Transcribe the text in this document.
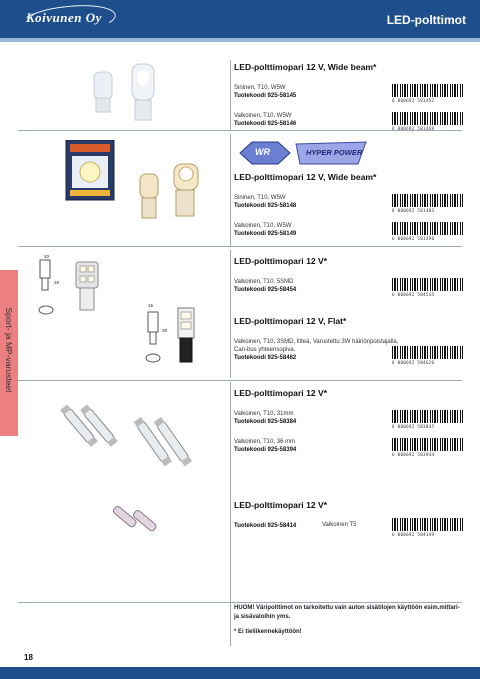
Koivunen Oy	LED-polttimot
Sport- ja MP-varusteet
WR	HYPER POWER
10
28
15
28
LED-polttimopari 12 V, Wide beam*
Sininen, T10, W5W
Tuotekoodi 925-58145
6 000692 581452
Valkoinen, T10, W5W
Tuotekoodi 925-58146
6 000692 581469
LED-polttimopari 12 V, Wide beam*
Sininen, T10, W5W
Tuotekoodi 925-58148
6 000692 581483
Valkoinen, T10, W5W
Tuotekoodi 925-58149
6 000692 581490
LED-polttimopari 12 V*
Valkoinen, T10, 5SMD
Tuotekoodi 925-58454
6 000692 584545
LED-polttimopari 12 V, Flat*
Valkoinen, T10, 3SMD, litteä, Varustettu 3W häiriönpoistajalla,
Can-bus yhteensopiva.
Tuotekoodi 925-58462
6 000692 584620
LED-polttimopari 12 V*
Valkoinen, T10, 31mm
Tuotekoodi 925-58384
6 000692 583845
Valkoinen, T10, 36 mm
Tuotekoodi 925-58394
6 000692 583944
LED-polttimopari 12 V*
Tuotekoodi 925-58414	Valkoinen T5
6 000692 584149

HUOM! Väripolttimot on tarkoitettu vain auton sisätilojen käyttöön esim.mittari- ja sisävaloihin yms.

* Ei tieliikennekäyttöön!

18
